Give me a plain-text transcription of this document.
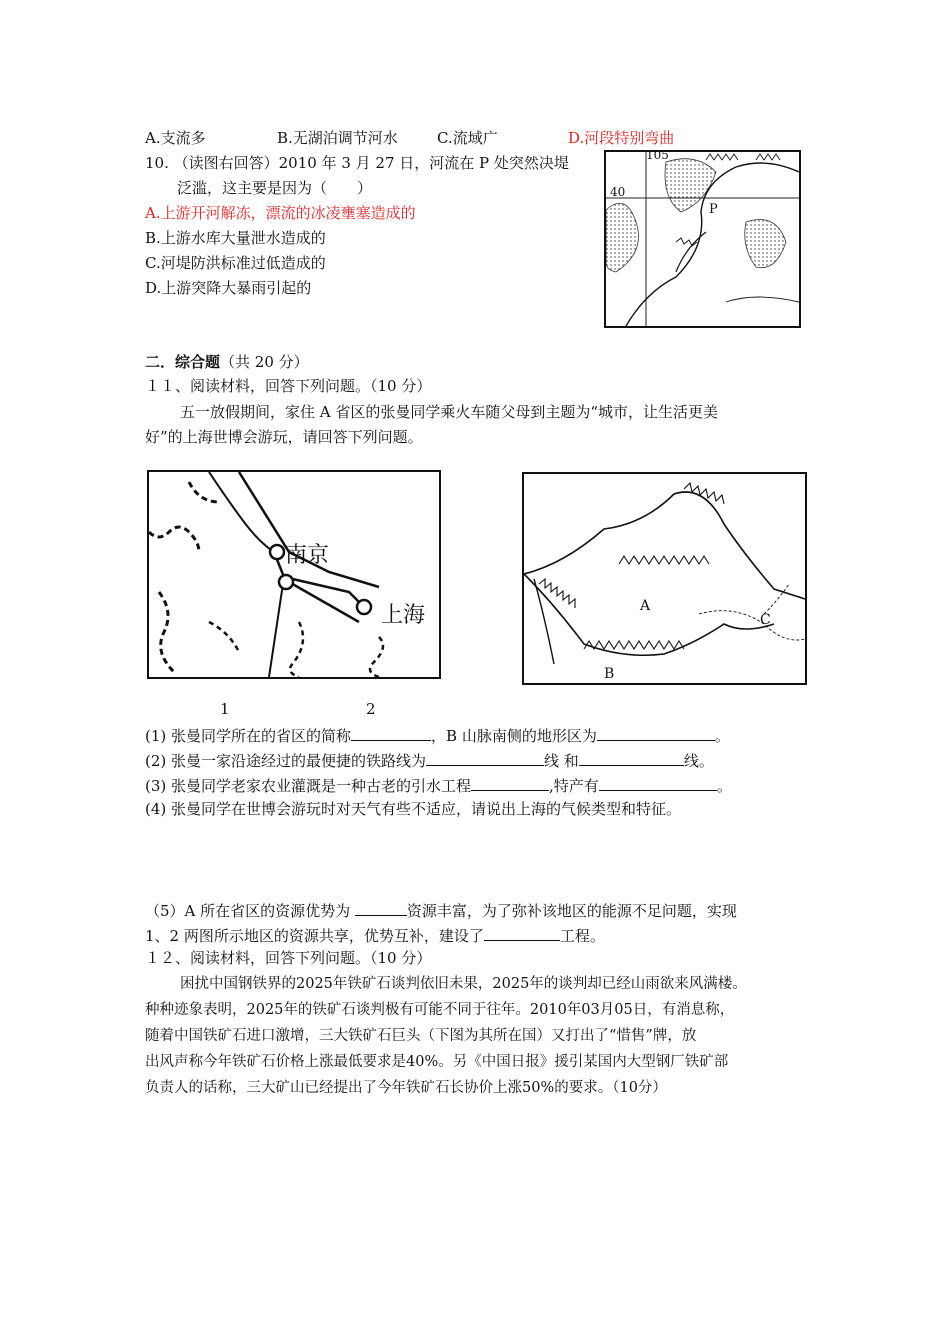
A.支流多	B.无湖泊调节河水	C.流域广	D.河段特别弯曲
10. （读图右回答）2010 年 3 月 27 日，河流在 P 处突然决堤
泛滥，这主要是因为（　　）
A.上游开河解冻，漂流的冰凌壅塞造成的
B.上游水库大量泄水造成的
C.河堤防洪标准过低造成的
D.上游突降大暴雨引起的
105
40
P
二．综合题（共 20 分）
１１、阅读材料，回答下列问题。（10 分）
五一放假期间，家住 A 省区的张曼同学乘火车随父母到主题为“城市，让生活更美
好”的上海世博会游玩，请回答下列问题。
南京
上海
1
A
B
C
2
(1) 张曼同学所在的省区的简称	，B 山脉南侧的地形区为	。
(2) 张曼一家沿途经过的最便捷的铁路线为	线 和	线。
(3) 张曼同学老家农业灌溉是一种古老的引水工程	,特产有	。
(4) 张曼同学在世博会游玩时对天气有些不适应，请说出上海的气候类型和特征。
（5）A 所在省区的资源优势为	资源丰富，为了弥补该地区的能源不足问题，实现
1、2 两图所示地区的资源共享，优势互补，建设了	工程。
１２、阅读材料，回答下列问题。（10 分）
困扰中国钢铁界的2025年铁矿石谈判依旧未果，2025年的谈判却已经山雨欲来风满楼。
种种迹象表明，2025年的铁矿石谈判极有可能不同于往年。2010年03月05日，有消息称，
随着中国铁矿石进口激增，三大铁矿石巨头（下图为其所在国）又打出了“惜售”牌，放
出风声称今年铁矿石价格上涨最低要求是40%。另《中国日报》援引某国内大型钢厂铁矿部
负责人的话称，三大矿山已经提出了今年铁矿石长协价上涨50%的要求。（10分）
